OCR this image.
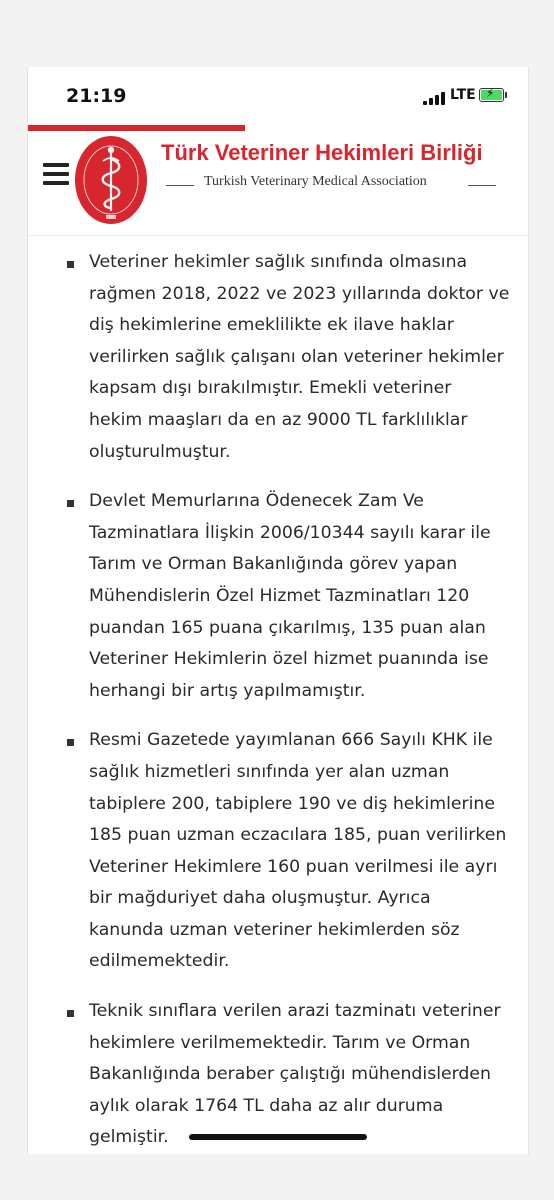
21:19	LTE ⚡
Türk Veteriner Hekimleri Birliği
Turkish Veterinary Medical Association
Veteriner hekimler sağlık sınıfında olmasına rağmen 2018, 2022 ve 2023 yıllarında doktor ve diş hekimlerine emeklilikte ek ilave haklar verilirken sağlık çalışanı olan veteriner hekimler kapsam dışı bırakılmıştır. Emekli veteriner hekim maaşları da en az 9000 TL farklılıklar oluşturulmuştur.
Devlet Memurlarına Ödenecek Zam Ve Tazminatlara İlişkin 2006/10344 sayılı karar ile Tarım ve Orman Bakanlığında görev yapan Mühendislerin Özel Hizmet Tazminatları 120 puandan 165 puana çıkarılmış, 135 puan alan Veteriner Hekimlerin özel hizmet puanında ise herhangi bir artış yapılmamıştır.
Resmi Gazetede yayımlanan 666 Sayılı KHK ile sağlık hizmetleri sınıfında yer alan uzman tabiplere 200, tabiplere 190 ve diş hekimlerine 185 puan uzman eczacılara 185, puan verilirken Veteriner Hekimlere 160 puan verilmesi ile ayrı bir mağduriyet daha oluşmuştur. Ayrıca kanunda uzman veteriner hekimlerden söz edilmemektedir.
Teknik sınıflara verilen arazi tazminatı veteriner hekimlere verilmemektedir. Tarım ve Orman Bakanlığında beraber çalıştığı mühendislerden aylık olarak 1764 TL daha az alır duruma gelmiştir.
